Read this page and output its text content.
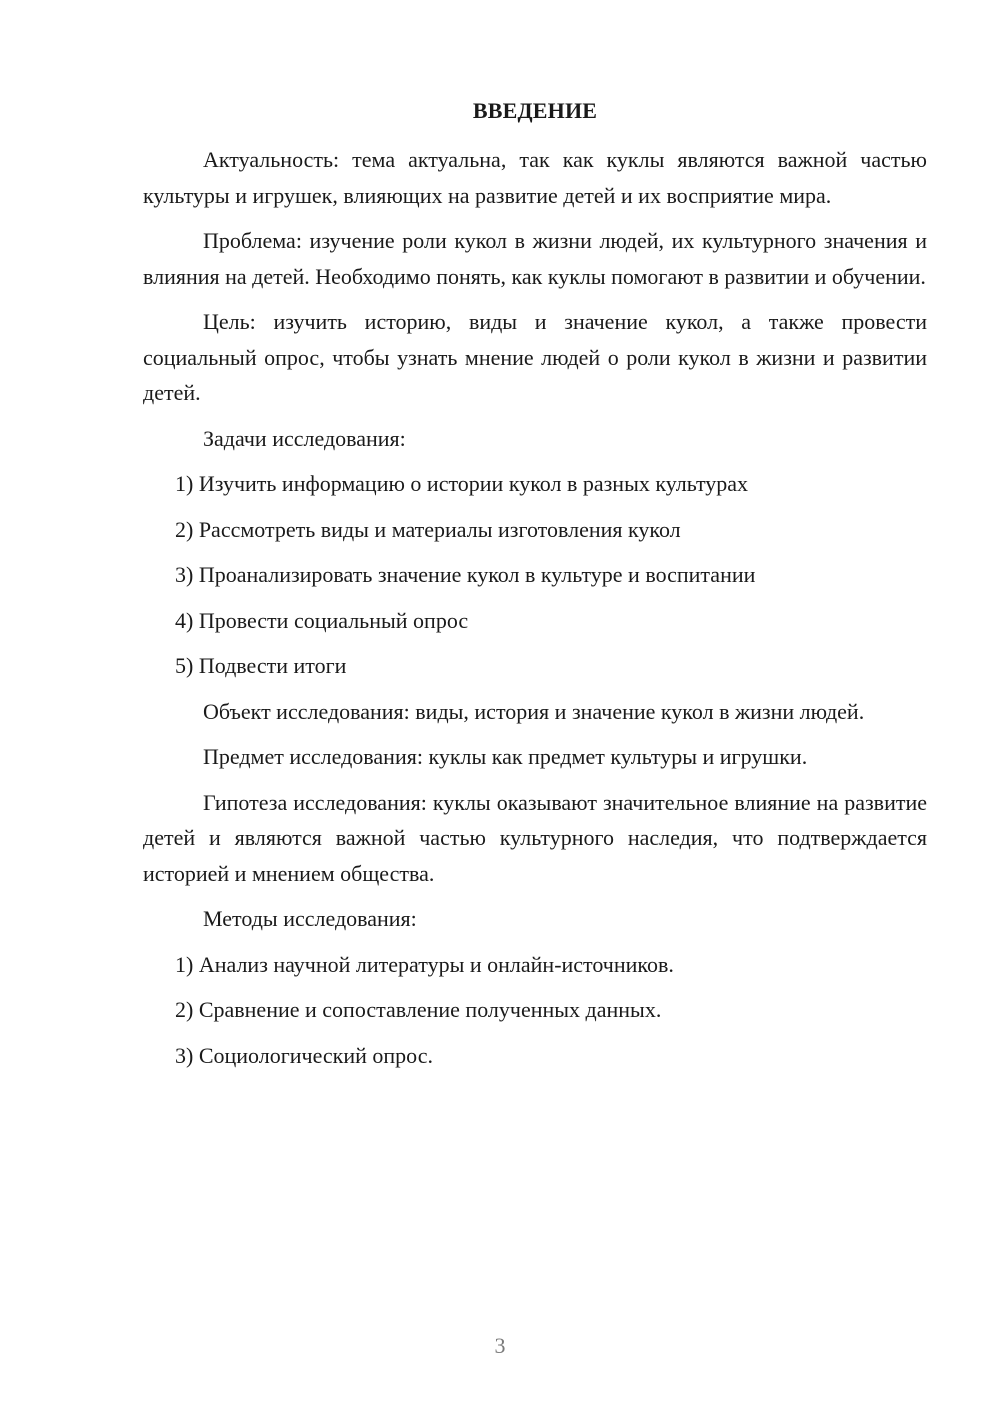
ВВЕДЕНИЕ

Актуальность: тема актуальна, так как куклы являются важной частью культуры и игрушек, влияющих на развитие детей и их восприятие мира.

Проблема: изучение роли кукол в жизни людей, их культурного значения и влияния на детей. Необходимо понять, как куклы помогают в развитии и обучении.

Цель: изучить историю, виды и значение кукол, а также провести социальный опрос, чтобы узнать мнение людей о роли кукол в жизни и развитии детей.

Задачи исследования:

1) Изучить информацию о истории кукол в разных культурах

2) Рассмотреть виды и материалы изготовления кукол

3) Проанализировать значение кукол в культуре и воспитании

4) Провести социальный опрос

5) Подвести итоги

Объект исследования: виды, история и значение кукол в жизни людей.

Предмет исследования: куклы как предмет культуры и игрушки.

Гипотеза исследования: куклы оказывают значительное влияние на развитие детей и являются важной частью культурного наследия, что подтверждается историей и мнением общества.

Методы исследования:

1) Анализ научной литературы и онлайн-источников.

2) Сравнение и сопоставление полученных данных.

3) Социологический опрос.

3
